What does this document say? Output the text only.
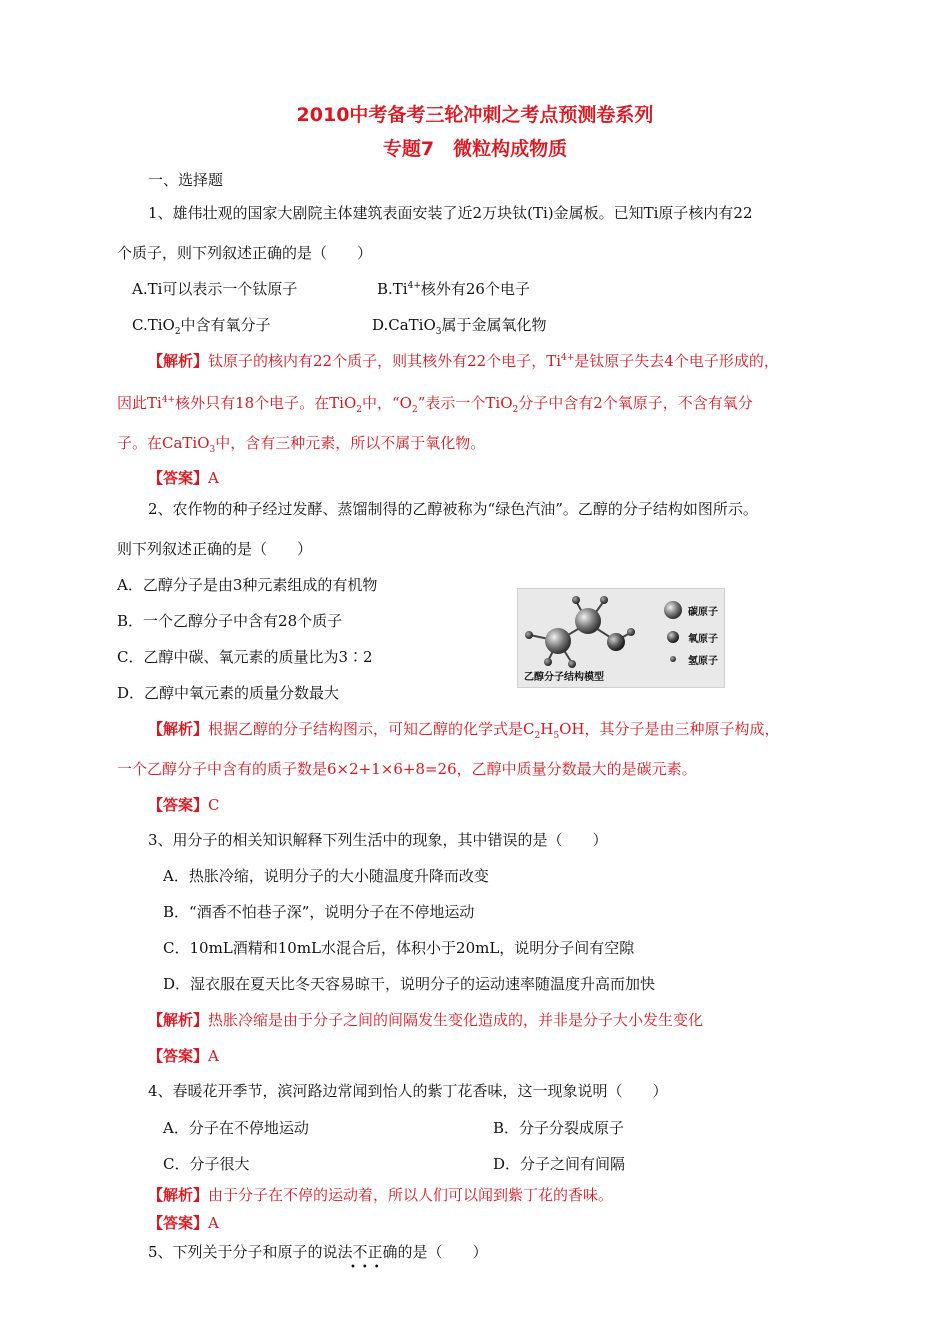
2010中考备考三轮冲刺之考点预测卷系列
专题7　微粒构成物质
一、选择题
1、雄伟壮观的国家大剧院主体建筑表面安装了近2万块钛(Ti)金属板。已知Ti原子核内有22
个质子，则下列叙述正确的是（　　）
A.Ti可以表示一个钛原子	$B.Ti^{4+}$核外有26个电子
C.TiO$_2$中含有氧分子	D.CaTiO$_3$属于金属氧化物
【解析】钛原子的核内有22个质子，则其核外有22个电子，$Ti^{4+}$是钛原子失去4个电子形成的，
因此$Ti^{4+}$核外只有18个电子。在TiO$_2$中，“$O_2$”表示一个TiO$_2$分子中含有2个氧原子，不含有氧分
子。在CaTiO$_3$中，含有三种元素，所以不属于氧化物。
【答案】A
2、农作物的种子经过发酵、蒸馏制得的乙醇被称为“绿色汽油”。乙醇的分子结构如图所示。
则下列叙述正确的是（　　）
A．乙醇分子是由3种元素组成的有机物
B．一个乙醇分子中含有28个质子
C．乙醇中碳、氧元素的质量比为3∶2
D．乙醇中氧元素的质量分数最大
碳原子
氧原子
氢原子
乙醇分子结构模型
【解析】根据乙醇的分子结构图示，可知乙醇的化学式是$C_2H_5OH$，其分子是由三种原子构成，
一个乙醇分子中含有的质子数是6×2+1×6+8=26，乙醇中质量分数最大的是碳元素。
【答案】C
3、用分子的相关知识解释下列生活中的现象，其中错误的是（　　）
A．热胀冷缩，说明分子的大小随温度升降而改变
B．“酒香不怕巷子深”，说明分子在不停地运动
C．10mL酒精和10mL水混合后，体积小于20mL，说明分子间有空隙
D．湿衣服在夏天比冬天容易晾干，说明分子的运动速率随温度升高而加快
【解析】热胀冷缩是由于分子之间的间隔发生变化造成的，并非是分子大小发生变化
【答案】A
4、春暖花开季节，滨河路边常闻到怡人的紫丁花香味，这一现象说明（　　）
A．分子在不停地运动	B．分子分裂成原子
C．分子很大	D．分子之间有间隔
【解析】由于分子在不停的运动着，所以人们可以闻到紫丁花的香味。
【答案】A
5、下列关于分子和原子的说法不正确的是（　　）
•••
